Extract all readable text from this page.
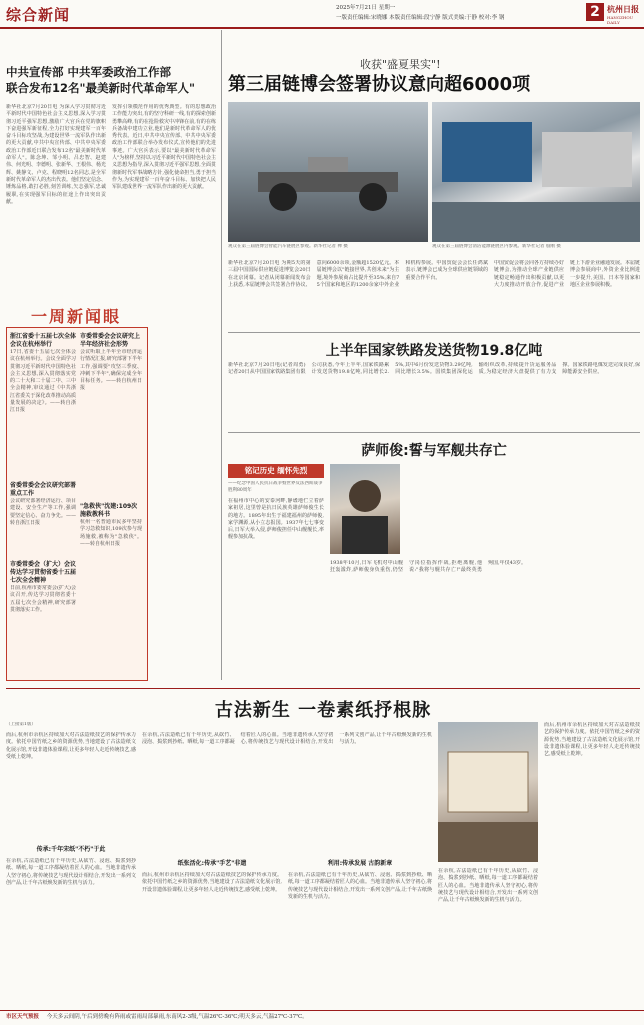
综合新闻	2025年7月21日 星期一
一版责任编辑:宋晓娜 本版责任编辑:段宁静 版式美编:于静 校对:李 钢	2 杭州日报
HANGZHOU DAILY
中共宣传部 中共军委政治工作部
联合发布12名"最美新时代革命军人"
新华社北京7月20日电 为深入学习贯彻习近平新时代中国特色社会主义思想,深入学习贯彻习近平强军思想,激励广大官兵在党的旗帜下奋进强军新征程,全力打好实现建军一百年奋斗目标攻坚战,为建设世界一流军队作出新的更大贡献,中共中央宣传部、中共中央军委政治工作部近日联合发布12名"最美新时代革命军人"。陈念坤、邹小明、吕忠智、赵建伟、何光明、李德明、张新华、王根伟、杨光辉、姚静文、卢克、程晓明12名同志,是全军新时代革命军人的杰出代表。他们坚定信念、锤炼品格,敢打必胜,刻苦训练,矢志强军,忠诚履职,在实现强军目标的征途上作出突出贡献。
发挥引领模范作用的优秀典型。有的思想政治工作能力突出,有的坚守科研一线,有的探索创新勇攀高峰,有的在抢险救灾中冲锋在前,有的在练兵备战中建功立业,他们是新时代革命军人的优秀代表。近日,中共中央宣传部、中共中央军委政治工作部联合举办发布仪式,宣传他们的先进事迹。广大官兵表示,要以"最美新时代革命军人"为榜样,坚持以习近平新时代中国特色社会主义思想为指导,深入贯彻习近平强军思想,全面贯彻新时代军事战略方针,强化使命担当,勇于担当作为,为实现建军一百年奋斗目标、加快把人民军队建成世界一流军队作出新的更大贡献。
一周新闻眼
浙江省委十五届七次全体会议在杭州举行
17日,省委十五届七次全体会议在杭州举行。会议全面学习贯彻习近平新时代中国特色社会主义思想,深入贯彻落实党的二十大和二十届二中、三中全会精神,审议通过《中共浙江省委关于深化改革推动高质量发展的决定》。——转自浙江日报
省委常委会会议研究部署重点工作
会议研究部署经济运行、项目建设、安全生产等工作,强调要坚定信心、奋力争先。——转自浙江日报
市委常委会（扩大）会议传达学习贯彻省委十五届七次全会精神
日前,杭州市委常委会(扩大)会议召开,传达学习贯彻省委十五届七次全会精神,研究部署贯彻落实工作。
市委常委会会议研究上半年经济社会形势
会议听取上半年全市经济运行情况汇报,研究部署下半年工作,强调要"攻坚三季度、冲刺下半年",确保完成全年目标任务。——转自杭州日报
"急救侠"沈建:109次施救教科书
杭州一名普通市民多年坚持学习急救知识,109次参与现场施救,被称为"急救侠"。——转自杭州日报
收获"盛夏果实"!
第三届链博会签署协议意向超6000项
观众在第三届链博会智能汽车链展区参观。新华社记者 禅 摄	观众在第三届链博会清洁能源链展区内参观。新华社记者 殷刚 摄
新华社北京7月20日电 为期5天的第三届中国国际供应链促进博览会20日在北京闭幕。记者从闭幕新闻发布会上获悉,本届链博会共签署合作协议、意向6000余项,金额超1520亿元。本届链博会以"链接世界,共创未来"为主题,境外参展商占比提升至35%,来自75个国家和地区的1200余家中外企业和机构参展。中国贸促会会长任鸿斌表示,链博会已成为全球供应链领域的重要合作平台。
中国贸促会将会同各方持续办好链博会,为推动全球产业链供应链稳定畅通作出积极贡献,以更大力度推动开放合作,促进产业链上下游企业融通发展。本届链博会参展商中,外资企业比例进一步提升,美国、日本等国家和地区企业参展积极。
上半年国家铁路发送货物19.8亿吨
新华社北京7月20日电(记者周勇)记者20日从中国国家铁路集团有限公司获悉,今年上半年,国家铁路累计发送货物19.8亿吨,同比增长2.5%,其中6月份发送货物3.29亿吨,同比增长3.5%。国铁集团深化运输组织改革,持续提升货运服务品质,为稳定经济大盘提供了有力支撑。国家铁路电煤发送完成良好,保障能源安全供应。
萨师俊:誓与军舰共存亡
铭记历史 缅怀先烈
——纪念中国人民抗日战争暨世界反法西斯战争胜利80周年
在福州市中心的安泰河畔,静谧地伫立着萨家祖居,这里曾是抗日民族英雄萨师俊生长的地方。1895年出生于福建福州的萨师俊,家学渊源,从小立志报国。1937年七七事变后,日军大举入侵,萨师俊担任中山舰舰长,率舰参加抗战。
1938年10月,日军飞机对中山舰狂轰滥炸,萨师俊身负重伤,仍坚守岗位指挥作战,拒绝离舰,他说:"我将与舰共存亡!"最终英勇殉国,年仅43岁。
古法新生 一卷素纸抒根脉
（上接第1版）
而后,杭州市余杭区持续加大对古法造纸技艺的保护传承力度。依托中国竹纸之乡的资源优势,当地建设了古法造纸文化展示馆,开设非遗体验课程,让更多年轻人走近传统技艺,感受纸上乾坤。
传承:千年宋纸"不朽"于此
在余杭,古法造纸已有千年历史,从砍竹、浸泡、捣浆到抄纸、晒纸,每一道工序都凝结着匠人的心血。当地非遗传承人坚守初心,将传统技艺与现代设计相结合,开发出一系列文创产品,让千年古纸焕发新的生机与活力。
在余杭,古法造纸已有千年历史,从砍竹、浸泡、捣浆到抄纸、晒纸,每一道工序都凝结着匠人的心血。当地非遗传承人坚守初心,将传统技艺与现代设计相结合,开发出一系列文创产品,让千年古纸焕发新的生机与活力。
纸张活化:传承"手艺"非遗
而后,杭州市余杭区持续加大对古法造纸技艺的保护传承力度。依托中国竹纸之乡的资源优势,当地建设了古法造纸文化展示馆,开设非遗体验课程,让更多年轻人走近传统技艺,感受纸上乾坤。
利用:传承发展 古韵新章
在余杭,古法造纸已有千年历史,从砍竹、浸泡、捣浆到抄纸、晒纸,每一道工序都凝结着匠人的心血。当地非遗传承人坚守初心,将传统技艺与现代设计相结合,开发出一系列文创产品,让千年古纸焕发新的生机与活力。
而后,杭州市余杭区持续加大对古法造纸技艺的保护传承力度。依托中国竹纸之乡的资源优势,当地建设了古法造纸文化展示馆,开设非遗体验课程,让更多年轻人走近传统技艺,感受纸上乾坤。
在余杭,古法造纸已有千年历史,从砍竹、浸泡、捣浆到抄纸、晒纸,每一道工序都凝结着匠人的心血。当地非遗传承人坚守初心,将传统技艺与现代设计相结合,开发出一系列文创产品,让千年古纸焕发新的生机与活力。
市区天气预报 今天多云间阴,午后到傍晚有阵雨或雷雨局部暴雨,东南风2-3级,气温26℃-36℃;明天多云,气温27℃-37℃。
